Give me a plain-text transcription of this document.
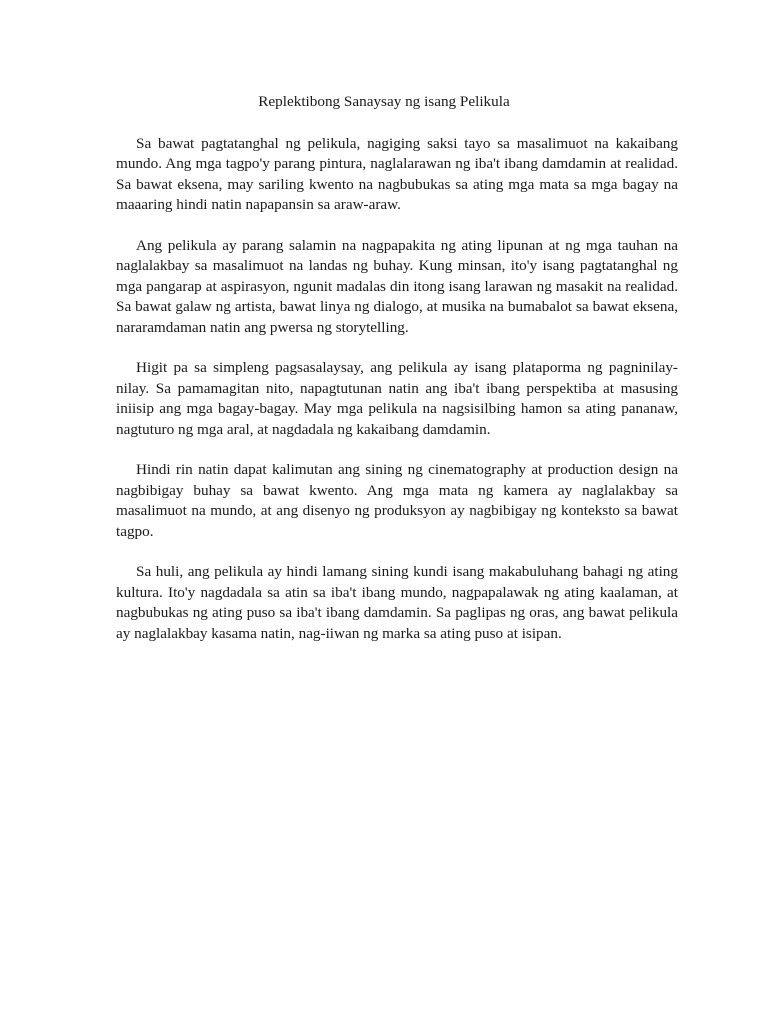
Replektibong Sanaysay ng isang Pelikula

Sa bawat pagtatanghal ng pelikula, nagiging saksi tayo sa masalimuot na kakaibang mundo. Ang mga tagpo'y parang pintura, naglalarawan ng iba't ibang damdamin at realidad. Sa bawat eksena, may sariling kwento na nagbubukas sa ating mga mata sa mga bagay na maaaring hindi natin napapansin sa araw-araw.

Ang pelikula ay parang salamin na nagpapakita ng ating lipunan at ng mga tauhan na naglalakbay sa masalimuot na landas ng buhay. Kung minsan, ito'y isang pagtatanghal ng mga pangarap at aspirasyon, ngunit madalas din itong isang larawan ng masakit na realidad. Sa bawat galaw ng artista, bawat linya ng dialogo, at musika na bumabalot sa bawat eksena, nararamdaman natin ang pwersa ng storytelling.

Higit pa sa simpleng pagsasalaysay, ang pelikula ay isang plataporma ng pagninilay-nilay. Sa pamamagitan nito, napagtutunan natin ang iba't ibang perspektiba at masusing iniisip ang mga bagay-bagay. May mga pelikula na nagsisilbing hamon sa ating pananaw, nagtuturo ng mga aral, at nagdadala ng kakaibang damdamin.

Hindi rin natin dapat kalimutan ang sining ng cinematography at production design na nagbibigay buhay sa bawat kwento. Ang mga mata ng kamera ay naglalakbay sa masalimuot na mundo, at ang disenyo ng produksyon ay nagbibigay ng konteksto sa bawat tagpo.

Sa huli, ang pelikula ay hindi lamang sining kundi isang makabuluhang bahagi ng ating kultura. Ito'y nagdadala sa atin sa iba't ibang mundo, nagpapalawak ng ating kaalaman, at nagbubukas ng ating puso sa iba't ibang damdamin. Sa paglipas ng oras, ang bawat pelikula ay naglalakbay kasama natin, nag-iiwan ng marka sa ating puso at isipan.
